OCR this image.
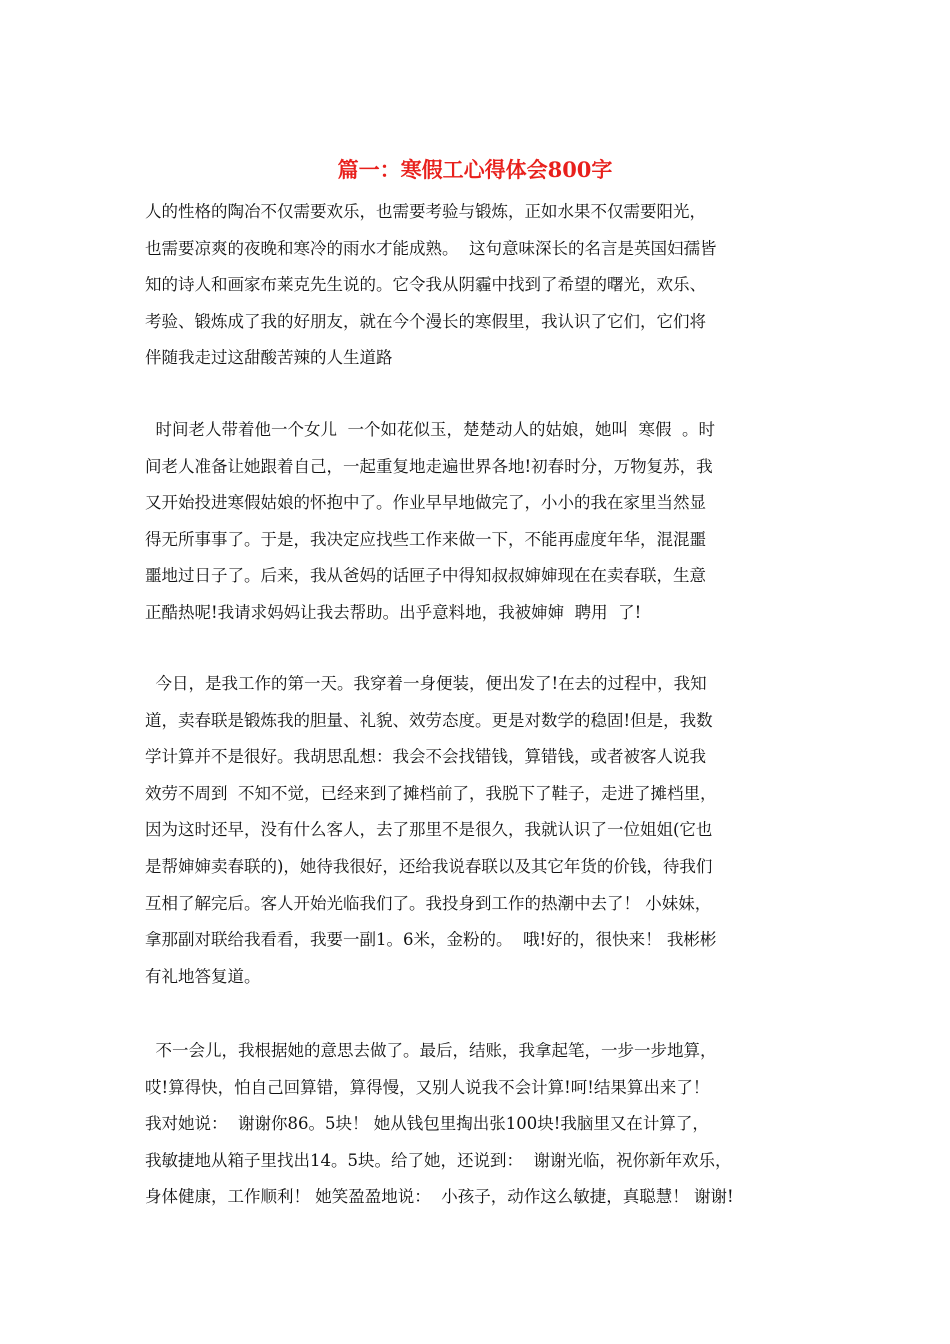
篇一：寒假工心得体会800字
人的性格的陶冶不仅需要欢乐，也需要考验与锻炼，正如水果不仅需要阳光，
也需要凉爽的夜晚和寒冷的雨水才能成熟。  这句意味深长的名言是英国妇孺皆
知的诗人和画家布莱克先生说的。它令我从阴霾中找到了希望的曙光，欢乐、
考验、锻炼成了我的好朋友，就在今个漫长的寒假里，我认识了它们，它们将
伴随我走过这甜酸苦辣的人生道路
时间老人带着他一个女儿  一个如花似玉，楚楚动人的姑娘，她叫  寒假  。时
间老人准备让她跟着自己，一起重复地走遍世界各地!初春时分，万物复苏，我
又开始投进寒假姑娘的怀抱中了。作业早早地做完了，小小的我在家里当然显
得无所事事了。于是，我决定应找些工作来做一下，不能再虚度年华，混混噩
噩地过日子了。后来，我从爸妈的话匣子中得知叔叔婶婶现在在卖春联，生意
正酷热呢!我请求妈妈让我去帮助。出乎意料地，我被婶婶  聘用  了!
今日，是我工作的第一天。我穿着一身便装，便出发了!在去的过程中，我知
道，卖春联是锻炼我的胆量、礼貌、效劳态度。更是对数学的稳固!但是，我数
学计算并不是很好。我胡思乱想：我会不会找错钱，算错钱，或者被客人说我
效劳不周到  不知不觉，已经来到了摊档前了，我脱下了鞋子，走进了摊档里，
因为这时还早，没有什么客人，去了那里不是很久，我就认识了一位姐姐(它也
是帮婶婶卖春联的)，她待我很好，还给我说春联以及其它年货的价钱，待我们
互相了解完后。客人开始光临我们了。我投身到工作的热潮中去了！ 小妹妹，
拿那副对联给我看看，我要一副1。6米，金粉的。  哦!好的，很快来！ 我彬彬
有礼地答复道。
不一会儿，我根据她的意思去做了。最后，结账，我拿起笔，一步一步地算，
哎!算得快，怕自己回算错，算得慢，又别人说我不会计算!呵!结果算出来了！
我对她说：  谢谢你86。5块！ 她从钱包里掏出张100块!我脑里又在计算了，
我敏捷地从箱子里找出14。5块。给了她，还说到：  谢谢光临，祝你新年欢乐，
身体健康，工作顺利！ 她笑盈盈地说：  小孩子，动作这么敏捷，真聪慧！ 谢谢!
